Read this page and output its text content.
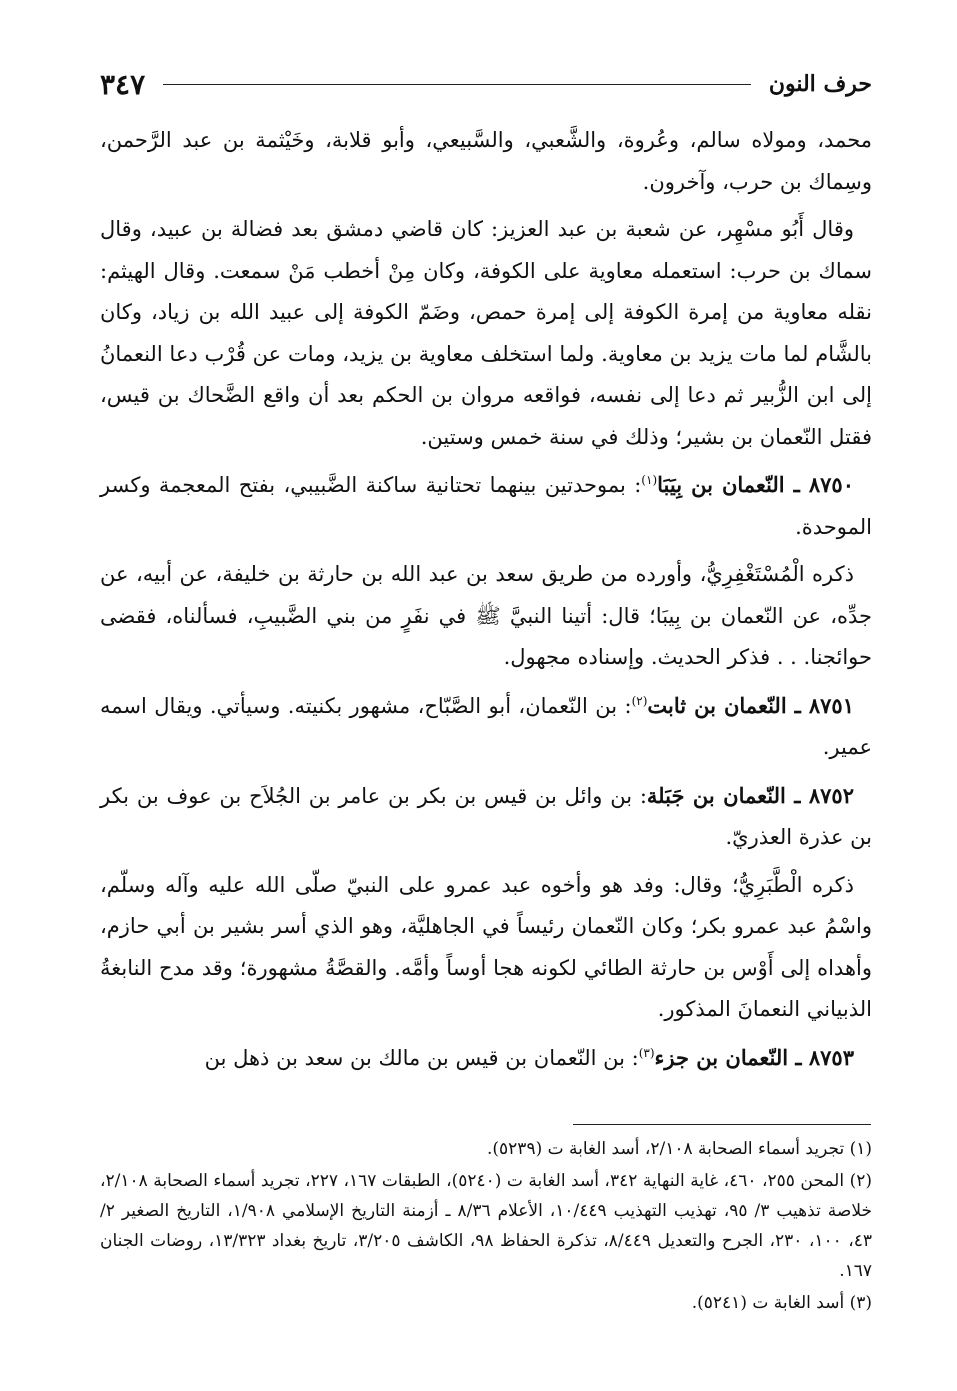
حرف النون
٣٤٧

محمد، ومولاه سالم، وعُروة، والشَّعبي، والسَّبيعي، وأبو قلابة، وخَيْثمة بن عبد الرَّحمن، وسِماك بن حرب، وآخرون.

وقال أَبُو مسْهِر، عن شعبة بن عبد العزيز: كان قاضي دمشق بعد فضالة بن عبيد، وقال سماك بن حرب: استعمله معاوية على الكوفة، وكان مِنْ أخطب مَنْ سمعت. وقال الهيثم: نقله معاوية من إمرة الكوفة إلى إمرة حمص، وضَمّ الكوفة إلى عبيد الله بن زياد، وكان بالشَّام لما مات يزيد بن معاوية. ولما استخلف معاوية بن يزيد، ومات عن قُرْب دعا النعمانُ إلى ابن الزُّبير ثم دعا إلى نفسه، فواقعه مروان بن الحكم بعد أن واقع الضَّحاك بن قيس، فقتل النّعمان بن بشير؛ وذلك في سنة خمس وستين.

٨٧٥٠ ـ النّعمان بن بِيَبَا$^{(١)}$: بموحدتين بينهما تحتانية ساكنة الضَّبيبي، بفتح المعجمة وكسر الموحدة.

ذكره الْمُسْتَغْفِرِيُّ، وأورده من طريق سعد بن عبد الله بن حارثة بن خليفة، عن أبيه، عن جدِّه، عن النّعمان بن بِيبَا؛ قال: أتينا النبيَّ ﷺ في نفَرٍ من بني الضَّبيبِ، فسألناه، فقضى حوائجنا. . . فذكر الحديث. وإسناده مجهول.

٨٧٥١ ـ النّعمان بن ثابت$^{(٢)}$: بن النّعمان، أبو الصَّبّاح، مشهور بكنيته. وسيأتي. ويقال اسمه عمير.

٨٧٥٢ ـ النّعمان بن جَبَلة: بن وائل بن قيس بن بكر بن عامر بن الجُلاَح بن عوف بن بكر بن عذرة العذريّ.

ذكره الْطَّبَرِيُّ؛ وقال: وفد هو وأخوه عبد عمرو على النبيّ صلّى الله عليه وآله وسلّم، واسْمُ عبد عمرو بكر؛ وكان النّعمان رئيساً في الجاهليَّة، وهو الذي أسر بشير بن أبي حازم، وأهداه إلى أَوْس بن حارثة الطائي لكونه هجا أوساً وأمَّه. والقصَّةُ مشهورة؛ وقد مدح النابغةُ الذبياني النعمانَ المذكور.

٨٧٥٣ ـ النّعمان بن جزء$^{(٣)}$: بن النّعمان بن قيس بن مالك بن سعد بن ذهل بن

(١) تجريد أسماء الصحابة ٢/١٠٨، أسد الغابة ت (٥٢٣٩).

(٢) المحن ٢٥٥، ٤٦٠، غاية النهاية ٣٤٢، أسد الغابة ت (٥٢٤٠)، الطبقات ١٦٧، ٢٢٧، تجريد أسماء الصحابة ٢/١٠٨، خلاصة تذهيب ٣/ ٩٥، تهذيب التهذيب ١٠/٤٤٩، الأعلام ٨/٣٦ ـ أزمنة التاريخ الإسلامي ١/٩٠٨، التاريخ الصغير ٢/ ٤٣، ١٠٠، ٢٣٠، الجرح والتعديل ٨/٤٤٩، تذكرة الحفاظ ٩٨، الكاشف ٣/٢٠٥، تاريخ بغداد ١٣/٣٢٣، روضات الجنان ١٦٧.

(٣) أسد الغابة ت (٥٢٤١).
